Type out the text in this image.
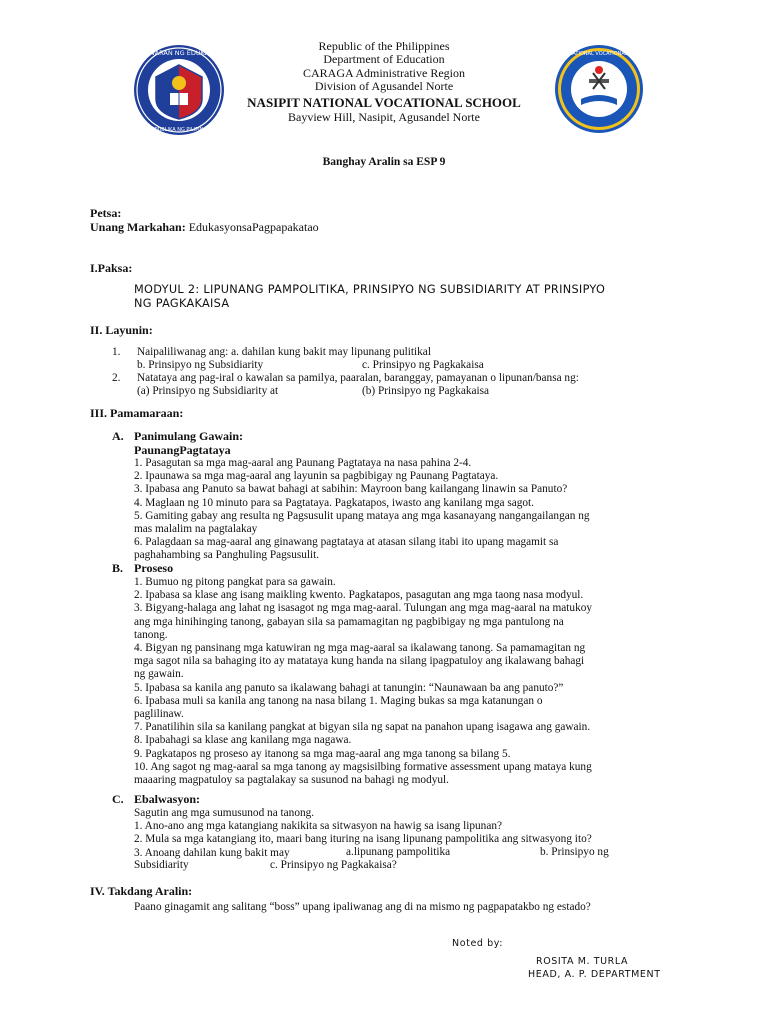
KAGAWARAN NG EDUKASYON
REPUBLIKA NG PILIPINAS
NASIPIT NATIONAL VOCATIONAL SCHOOL
Republic of the Philippines
Department of Education
CARAGA Administrative Region
Division of Agusandel Norte
NASIPIT NATIONAL VOCATIONAL SCHOOL
Bayview Hill, Nasipit, Agusandel Norte
Banghay Aralin sa ESP 9
Petsa:
Unang Markahan: EdukasyonsaPagpapakatao
I.Paksa:
MODYUL 2: LIPUNANG PAMPOLITIKA, PRINSIPYO NG SUBSIDIARITY AT PRINSIPYO
NG PAGKAKAISA
II. Layunin:
1. Naipaliliwanag ang: a. dahilan kung bakit may lipunang pulitikal
b. Prinsipyo ng Subsidiarity	c. Prinsipyo ng Pagkakaisa
2. Natataya ang pag-iral o kawalan sa pamilya, paaralan, baranggay, pamayanan o lipunan/bansa ng:
(a) Prinsipyo ng Subsidiarity at	(b) Prinsipyo ng Pagkakaisa
III. Pamamaraan:
A. Panimulang Gawain:
PaunangPagtataya
1. Pasagutan sa mga mag-aaral ang Paunang Pagtataya na nasa pahina 2-4.
2. Ipaunawa sa mga mag-aaral ang layunin sa pagbibigay ng Paunang Pagtataya.
3. Ipabasa ang Panuto sa bawat bahagi at sabihin: Mayroon bang kailangang linawin sa Panuto?
4. Maglaan ng 10 minuto para sa Pagtataya. Pagkatapos, iwasto ang kanilang mga sagot.
5. Gamiting gabay ang resulta ng Pagsusulit upang mataya ang mga kasanayang nangangailangan ng
mas malalim na pagtalakay
6. Palagdaan sa mag-aaral ang ginawang pagtataya at atasan silang itabi ito upang magamit sa
paghahambing sa Panghuling Pagsusulit.
B. Proseso
1. Bumuo ng pitong pangkat para sa gawain.
2. Ipabasa sa klase ang isang maikling kwento. Pagkatapos, pasagutan ang mga taong nasa modyul.
3. Bigyang-halaga ang lahat ng isasagot ng mga mag-aaral. Tulungan ang mga mag-aaral na matukoy
ang mga hinihinging tanong, gabayan sila sa pamamagitan ng pagbibigay ng mga pantulong na
tanong.
4. Bigyan ng pansinang mga katuwiran ng mga mag-aaral sa ikalawang tanong. Sa pamamagitan ng
mga sagot nila sa bahaging ito ay matataya kung handa na silang ipagpatuloy ang ikalawang bahagi
ng gawain.
5. Ipabasa sa kanila ang panuto sa ikalawang bahagi at tanungin: “Naunawaan ba ang panuto?”
6. Ipabasa muli sa kanila ang tanong na nasa bilang 1. Maging bukas sa mga katanungan o
paglilinaw.
7. Panatilihin sila sa kanilang pangkat at bigyan sila ng sapat na panahon upang isagawa ang gawain.
8. Ipabahagi sa klase ang kanilang mga nagawa.
9. Pagkatapos ng proseso ay itanong sa mga mag-aaral ang mga tanong sa bilang 5.
10. Ang sagot ng mag-aaral sa mga tanong ay magsisilbing formative assessment upang mataya kung
maaaring magpatuloy sa pagtalakay sa susunod na bahagi ng modyul.
C. Ebalwasyon:
Sagutin ang mga sumusunod na tanong.
1. Ano-ano ang mga katangiang nakikita sa sitwasyon na hawig sa isang lipunan?
2. Mula sa mga katangiang ito, maari bang ituring na isang lipunang pampolitika ang sitwasyong ito?
3. Anoang dahilan kung bakit may	a.lipunang pampolitika	b. Prinsipyo ng
Subsidiarity	c. Prinsipyo ng Pagkakaisa?
IV. Takdang Aralin:
Paano ginagamit ang salitang “boss” upang ipaliwanag ang di na mismo ng pagpapatakbo ng estado?
Noted by:
ROSITA M. TURLA
HEAD, A. P. DEPARTMENT
